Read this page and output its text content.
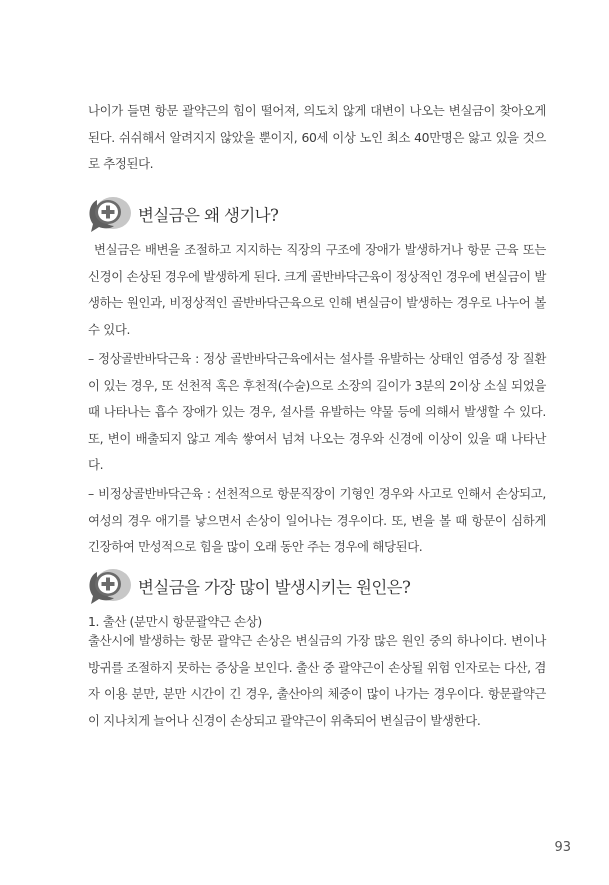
나이가 들면 항문 괄약근의 힘이 떨어져, 의도치 않게 대변이 나오는 변실금이 찾아오게 된다. 쉬쉬해서 알려지지 않았을 뿐이지, 60세 이상 노인 최소 40만명은 앓고 있을 것으로 추정된다.

변실금은 왜 생기나?

변실금은 배변을 조절하고 지지하는 직장의 구조에 장애가 발생하거나 항문 근육 또는 신경이 손상된 경우에 발생하게 된다. 크게 골반바닥근육이 정상적인 경우에 변실금이 발생하는 원인과, 비정상적인 골반바닥근육으로 인해 변실금이 발생하는 경우로 나누어 볼 수 있다.

– 정상골반바닥근육 : 정상 골반바닥근육에서는 설사를 유발하는 상태인 염증성 장 질환이 있는 경우, 또 선천적 혹은 후천적(수술)으로 소장의 길이가 3분의 2이상 소실 되었을 때 나타나는 흡수 장애가 있는 경우, 설사를 유발하는 약물 등에 의해서 발생할 수 있다. 또, 변이 배출되지 않고 계속 쌓여서 넘쳐 나오는 경우와 신경에 이상이 있을 때 나타난다.

– 비정상골반바닥근육 : 선천적으로 항문직장이 기형인 경우와 사고로 인해서 손상되고, 여성의 경우 애기를 낳으면서 손상이 일어나는 경우이다. 또, 변을 볼 때 항문이 심하게 긴장하여 만성적으로 힘을 많이 오래 동안 주는 경우에 해당된다.

변실금을 가장 많이 발생시키는 원인은?

1. 출산 (분만시 항문괄약근 손상)

출산시에 발생하는 항문 괄약근 손상은 변실금의 가장 많은 원인 중의 하나이다. 변이나 방귀를 조절하지 못하는 증상을 보인다. 출산 중 괄약근이 손상될 위험 인자로는 다산, 겸자 이용 분만, 분만 시간이 긴 경우, 출산아의 체중이 많이 나가는 경우이다. 항문괄약근이 지나치게 늘어나 신경이 손상되고 괄약근이 위축되어 변실금이 발생한다.

93
